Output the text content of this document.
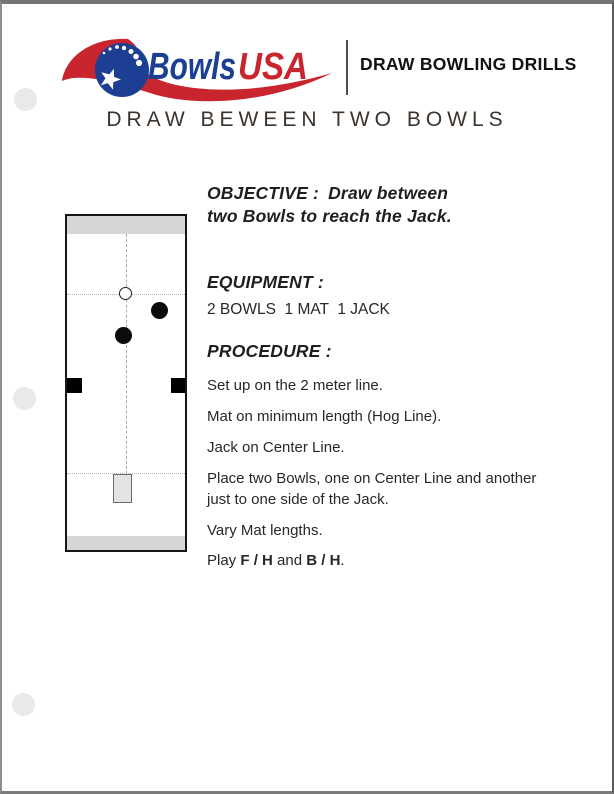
Bowls USA	DRAW BOWLING DRILLS
DRAW BEWEEN TWO BOWLS
OBJECTIVE : Draw between two Bowls to reach the Jack.
EQUIPMENT :
2 BOWLS  1 MAT  1 JACK
PROCEDURE :
Set up on the 2 meter line.
Mat on minimum length (Hog Line).
Jack on Center Line.
Place two Bowls, one on Center Line and another just to one side of the Jack.
Vary Mat lengths.
Play F / H and B / H.
